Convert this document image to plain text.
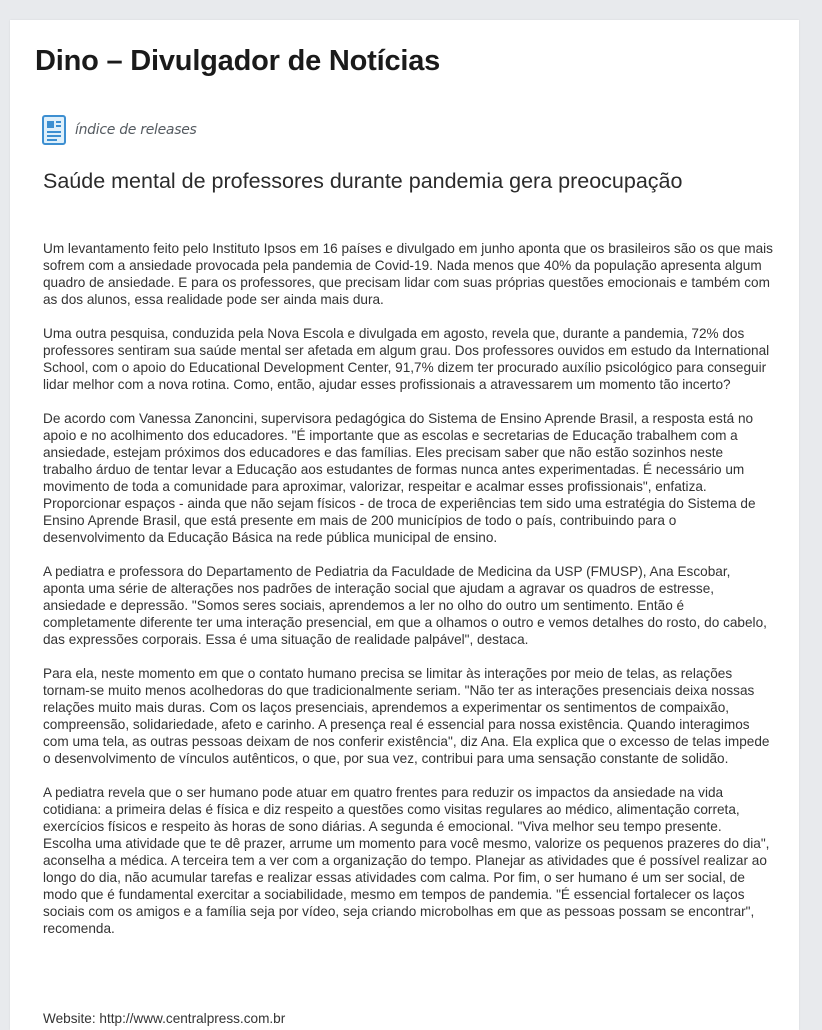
Dino – Divulgador de Notícias
índice de releases
Saúde mental de professores durante pandemia gera preocupação

Um levantamento feito pelo Instituto Ipsos em 16 países e divulgado em junho aponta que os brasileiros são os que mais sofrem com a ansiedade provocada pela pandemia de Covid-19. Nada menos que 40% da população apresenta algum quadro de ansiedade. E para os professores, que precisam lidar com suas próprias questões emocionais e também com as dos alunos, essa realidade pode ser ainda mais dura.

Uma outra pesquisa, conduzida pela Nova Escola e divulgada em agosto, revela que, durante a pandemia, 72% dos professores sentiram sua saúde mental ser afetada em algum grau. Dos professores ouvidos em estudo da International School, com o apoio do Educational Development Center, 91,7% dizem ter procurado auxílio psicológico para conseguir lidar melhor com a nova rotina. Como, então, ajudar esses profissionais a atravessarem um momento tão incerto?

De acordo com Vanessa Zanoncini, supervisora pedagógica do Sistema de Ensino Aprende Brasil, a resposta está no apoio e no acolhimento dos educadores. "É importante que as escolas e secretarias de Educação trabalhem com a ansiedade, estejam próximos dos educadores e das famílias. Eles precisam saber que não estão sozinhos neste trabalho árduo de tentar levar a Educação aos estudantes de formas nunca antes experimentadas. É necessário um movimento de toda a comunidade para aproximar, valorizar, respeitar e acalmar esses profissionais", enfatiza. Proporcionar espaços - ainda que não sejam físicos - de troca de experiências tem sido uma estratégia do Sistema de Ensino Aprende Brasil, que está presente em mais de 200 municípios de todo o país, contribuindo para o desenvolvimento da Educação Básica na rede pública municipal de ensino.

A pediatra e professora do Departamento de Pediatria da Faculdade de Medicina da USP (FMUSP), Ana Escobar, aponta uma série de alterações nos padrões de interação social que ajudam a agravar os quadros de estresse, ansiedade e depressão. "Somos seres sociais, aprendemos a ler no olho do outro um sentimento. Então é completamente diferente ter uma interação presencial, em que a olhamos o outro e vemos detalhes do rosto, do cabelo, das expressões corporais. Essa é uma situação de realidade palpável", destaca.

Para ela, neste momento em que o contato humano precisa se limitar às interações por meio de telas, as relações tornam-se muito menos acolhedoras do que tradicionalmente seriam. "Não ter as interações presenciais deixa nossas relações muito mais duras. Com os laços presenciais, aprendemos a experimentar os sentimentos de compaixão, compreensão, solidariedade, afeto e carinho. A presença real é essencial para nossa existência. Quando interagimos com uma tela, as outras pessoas deixam de nos conferir existência", diz Ana. Ela explica que o excesso de telas impede o desenvolvimento de vínculos autênticos, o que, por sua vez, contribui para uma sensação constante de solidão.

A pediatra revela que o ser humano pode atuar em quatro frentes para reduzir os impactos da ansiedade na vida cotidiana: a primeira delas é física e diz respeito a questões como visitas regulares ao médico, alimentação correta, exercícios físicos e respeito às horas de sono diárias. A segunda é emocional. "Viva melhor seu tempo presente. Escolha uma atividade que te dê prazer, arrume um momento para você mesmo, valorize os pequenos prazeres do dia", aconselha a médica. A terceira tem a ver com a organização do tempo. Planejar as atividades que é possível realizar ao longo do dia, não acumular tarefas e realizar essas atividades com calma. Por fim, o ser humano é um ser social, de modo que é fundamental exercitar a sociabilidade, mesmo em tempos de pandemia. "É essencial fortalecer os laços sociais com os amigos e a família seja por vídeo, seja criando microbolhas em que as pessoas possam se encontrar", recomenda.

Website: http://www.centralpress.com.br
